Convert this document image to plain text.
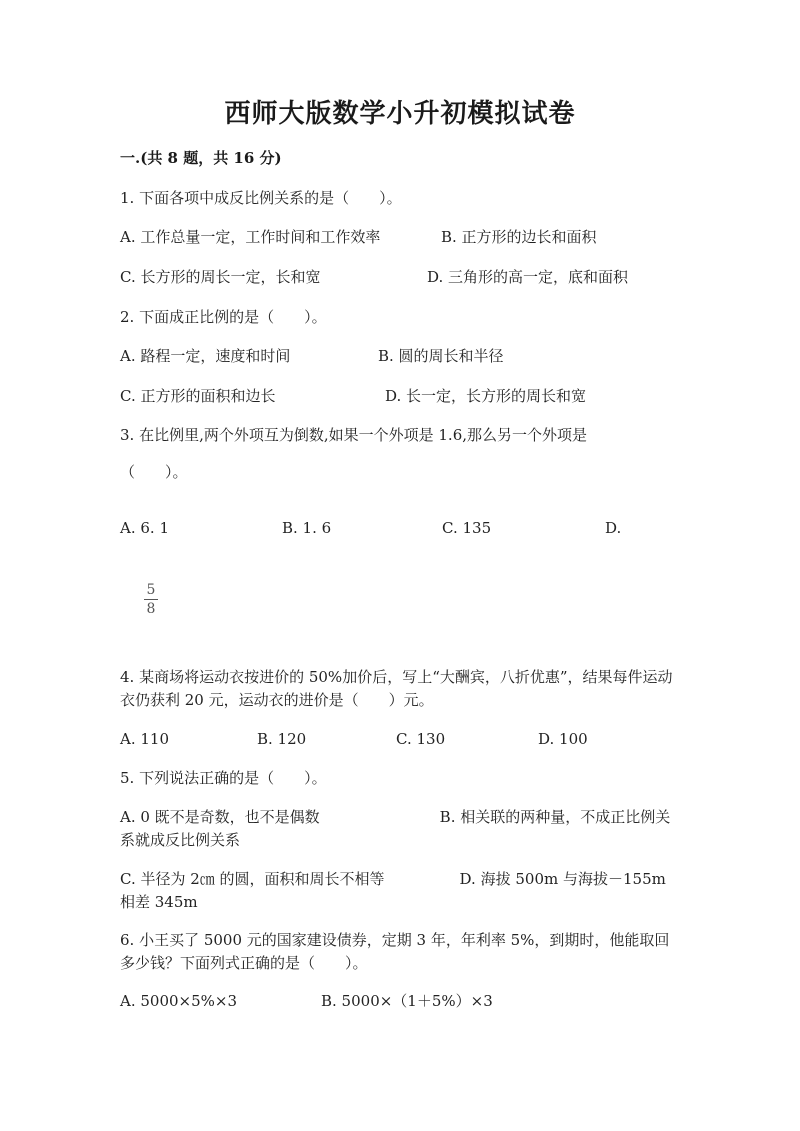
西师大版数学小升初模拟试卷
一.(共 8 题，共 16 分)
1. 下面各项中成反比例关系的是（　　）。
A. 工作总量一定，工作时间和工作效率	B. 正方形的边长和面积
C. 长方形的周长一定，长和宽	D. 三角形的高一定，底和面积
2. 下面成正比例的是（　　）。
A. 路程一定，速度和时间	B. 圆的周长和半径
C. 正方形的面积和边长	D. 长一定，长方形的周长和宽
3. 在比例里,两个外项互为倒数,如果一个外项是 1.6,那么另一个外项是
（　　）。
A. 6. 1	B. 1. 6	C. 135	D.
5
8
4. 某商场将运动衣按进价的 50%加价后，写上“大酬宾，八折优惠”，结果每件运动衣仍获利 20 元，运动衣的进价是（　　）元。
A. 110	B. 120	C. 130	D. 100
5. 下列说法正确的是（　　）。
A. 0 既不是奇数，也不是偶数　　　　　　　　B. 相关联的两种量，不成正比例关系就成反比例关系
C. 半径为 2㎝ 的圆，面积和周长不相等　　　　　D. 海拔 500m 与海拔－155m 相差 345m
6. 小王买了 5000 元的国家建设债券，定期 3 年，年利率 5%，到期时，他能取回多少钱？下面列式正确的是（　　）。
A. 5000×5%×3	B. 5000×（1＋5%）×3
